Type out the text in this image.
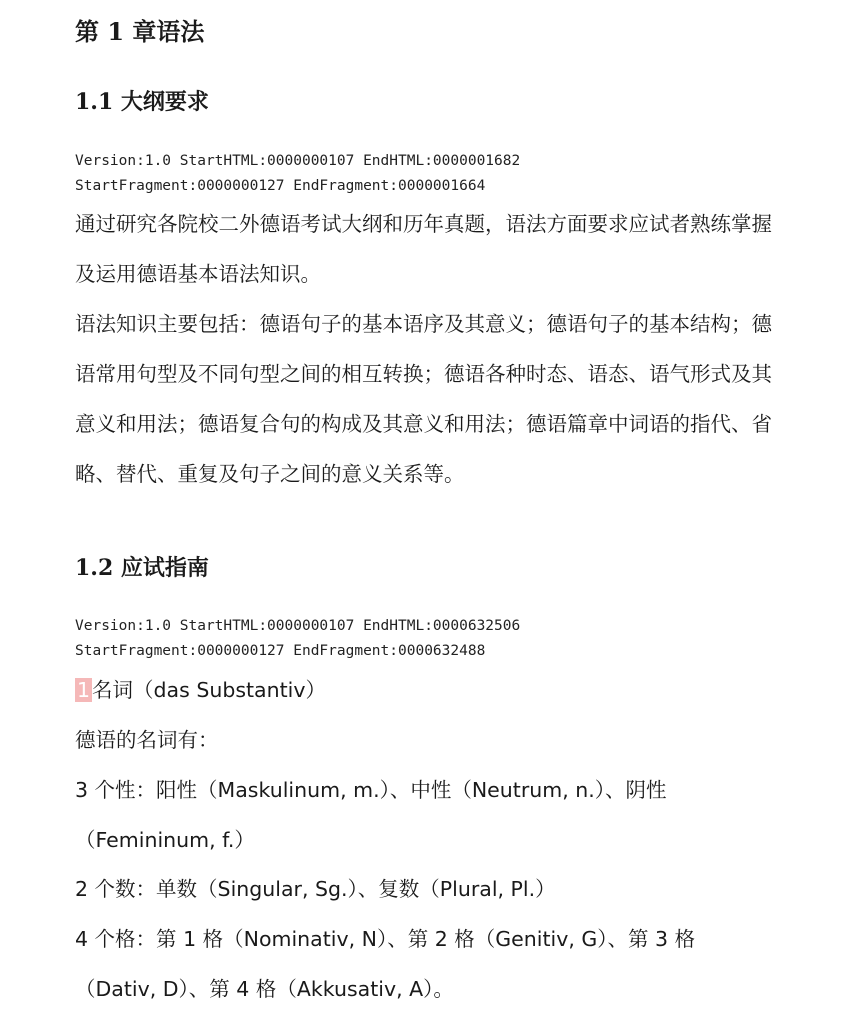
第 1 章语法
1.1 大纲要求
Version:1.0 StartHTML:0000000107 EndHTML:0000001682
StartFragment:0000000127 EndFragment:0000001664

通过研究各院校二外德语考试大纲和历年真题，语法方面要求应试者熟练掌握及运用德语基本语法知识。

语法知识主要包括：德语句子的基本语序及其意义；德语句子的基本结构；德语常用句型及不同句型之间的相互转换；德语各种时态、语态、语气形式及其意义和用法；德语复合句的构成及其意义和用法；德语篇章中词语的指代、省略、替代、重复及句子之间的意义关系等。

1.2 应试指南
Version:1.0 StartHTML:0000000107 EndHTML:0000632506
StartFragment:0000000127 EndFragment:0000632488

1名词（das Substantiv）

德语的名词有：

3 个性：阳性（Maskulinum, m.）、中性（Neutrum, n.）、阴性（Femininum, f.）

2 个数：单数（Singular, Sg.）、复数（Plural, Pl.）

4 个格：第 1 格（Nominativ, N）、第 2 格（Genitiv, G）、第 3 格（Dativ, D）、第 4 格（Akkusativ, A）。
